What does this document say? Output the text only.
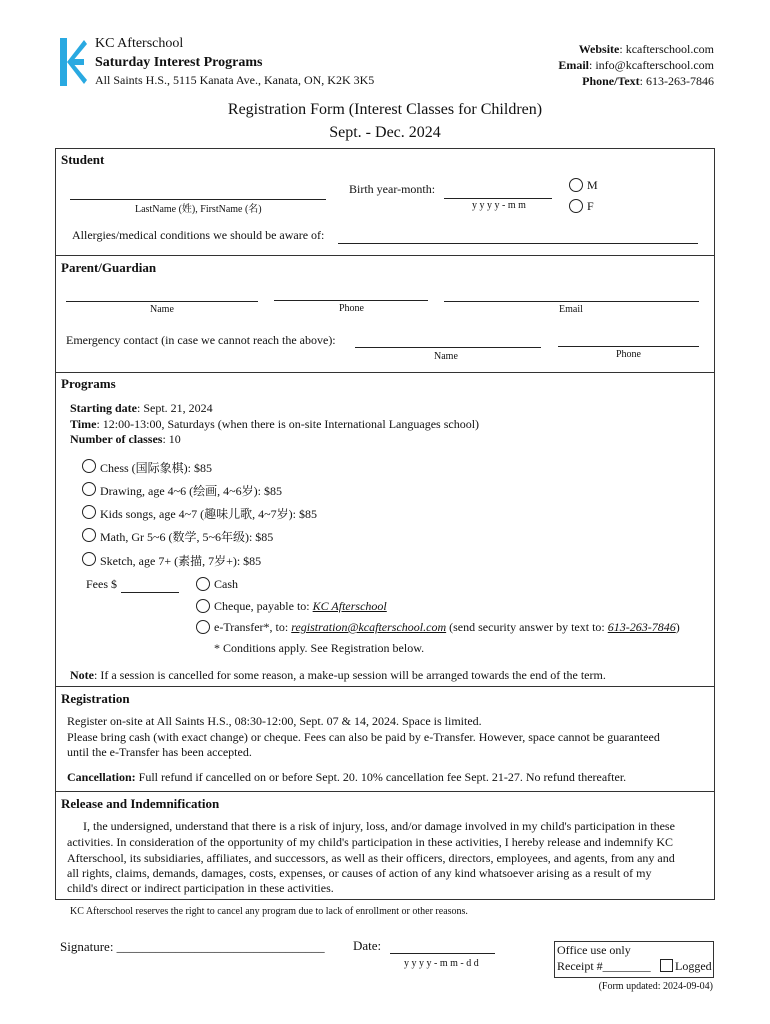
KC Afterschool
Saturday Interest Programs
All Saints H.S., 5115 Kanata Ave., Kanata, ON, K2K 3K5
Website: kcafterschool.com
Email: info@kcafterschool.com
Phone/Text: 613-263-7846
Registration Form (Interest Classes for Children)
Sept. - Dec. 2024
Student
LastName (姓), FirstName (名)
Birth year-month:
y y y y - m m
M
F
Allergies/medical conditions we should be aware of:
Parent/Guardian
Name	Phone	Email
Emergency contact (in case we cannot reach the above):
Name	Phone
Programs
Starting date: Sept. 21, 2024
Time: 12:00-13:00, Saturdays (when there is on-site International Languages school)
Number of classes: 10
Chess (国际象棋): $85
Drawing, age 4~6 (绘画, 4~6岁): $85
Kids songs, age 4~7 (趣味儿歌, 4~7岁): $85
Math, Gr 5~6 (数学, 5~6年级): $85
Sketch, age 7+ (素描, 7岁+): $85
Fees $	Cash
Cheque, payable to: KC Afterschool
e-Transfer*, to: registration@kcafterschool.com (send security answer by text to: 613-263-7846)
* Conditions apply. See Registration below.
Note: If a session is cancelled for some reason, a make-up session will be arranged towards the end of the term.
Registration
Register on-site at All Saints H.S., 08:30-12:00, Sept. 07 & 14, 2024. Space is limited.
Please bring cash (with exact change) or cheque. Fees can also be paid by e-Transfer. However, space cannot be guaranteed
until the e-Transfer has been accepted.
Cancellation: Full refund if cancelled on or before Sept. 20. 10% cancellation fee Sept. 21-27. No refund thereafter.
Release and Indemnification
I, the undersigned, understand that there is a risk of injury, loss, and/or damage involved in my child's participation in these
activities. In consideration of the opportunity of my child's participation in these activities, I hereby release and indemnify KC
Afterschool, its subsidiaries, affiliates, and successors, as well as their officers, directors, employees, and agents, from any and
all rights, claims, demands, damages, costs, expenses, or causes of action of any kind whatsoever arising as a result of my
child's direct or indirect participation in these activities.
KC Afterschool reserves the right to cancel any program due to lack of enrollment or other reasons.
Signature: ________________________________ Date:
y y y y - m m - d d
Office use only
Receipt #________ Logged
(Form updated: 2024-09-04)
